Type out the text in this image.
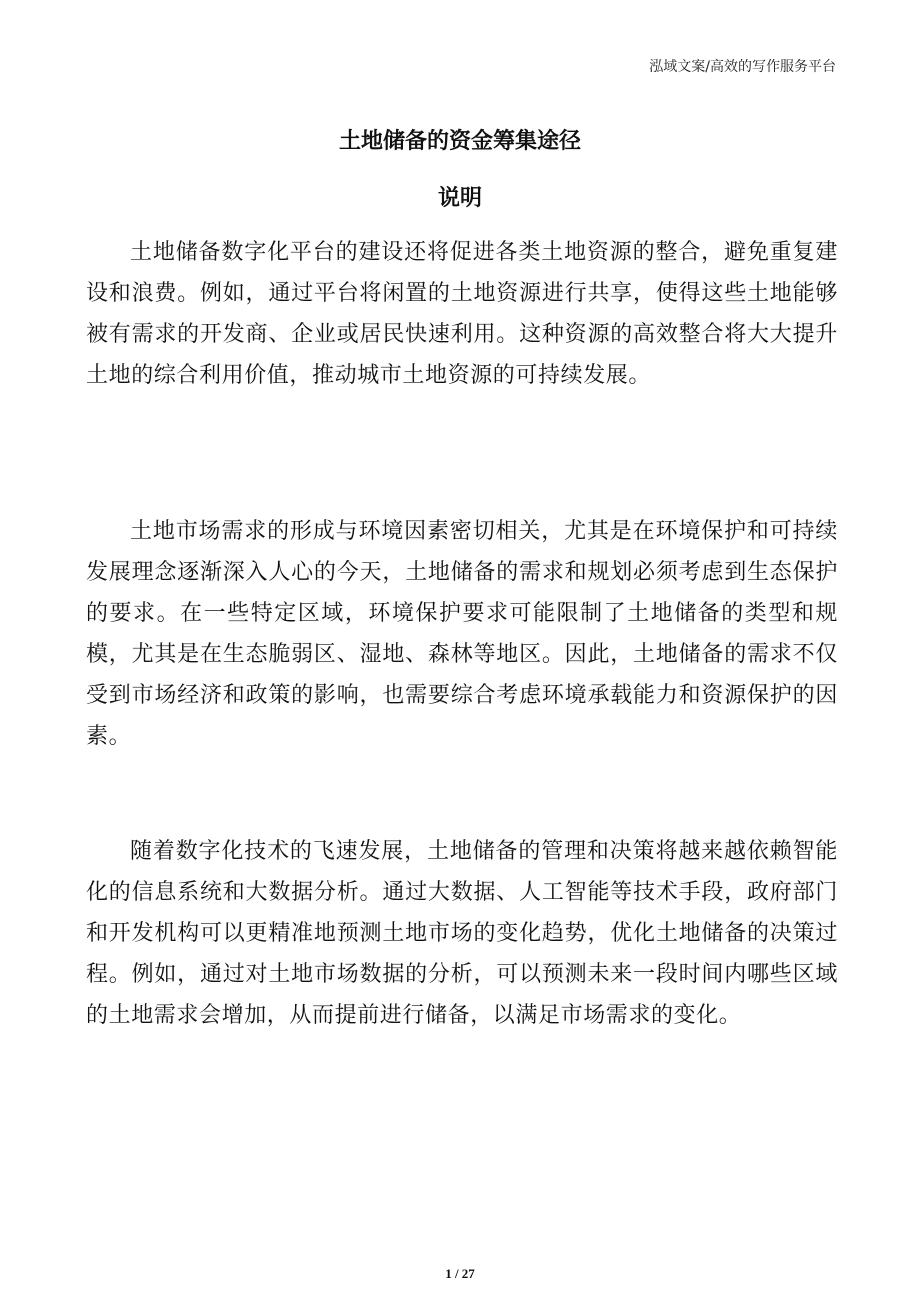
泓域文案/高效的写作服务平台
土地储备的资金筹集途径
说明

土地储备数字化平台的建设还将促进各类土地资源的整合，避免重复建设和浪费。例如，通过平台将闲置的土地资源进行共享，使得这些土地能够被有需求的开发商、企业或居民快速利用。这种资源的高效整合将大大提升土地的综合利用价值，推动城市土地资源的可持续发展。

土地市场需求的形成与环境因素密切相关，尤其是在环境保护和可持续发展理念逐渐深入人心的今天，土地储备的需求和规划必须考虑到生态保护的要求。在一些特定区域，环境保护要求可能限制了土地储备的类型和规模，尤其是在生态脆弱区、湿地、森林等地区。因此，土地储备的需求不仅受到市场经济和政策的影响，也需要综合考虑环境承载能力和资源保护的因素。

随着数字化技术的飞速发展，土地储备的管理和决策将越来越依赖智能化的信息系统和大数据分析。通过大数据、人工智能等技术手段，政府部门和开发机构可以更精准地预测土地市场的变化趋势，优化土地储备的决策过程。例如，通过对土地市场数据的分析，可以预测未来一段时间内哪些区域的土地需求会增加，从而提前进行储备，以满足市场需求的变化。

1 / 27
